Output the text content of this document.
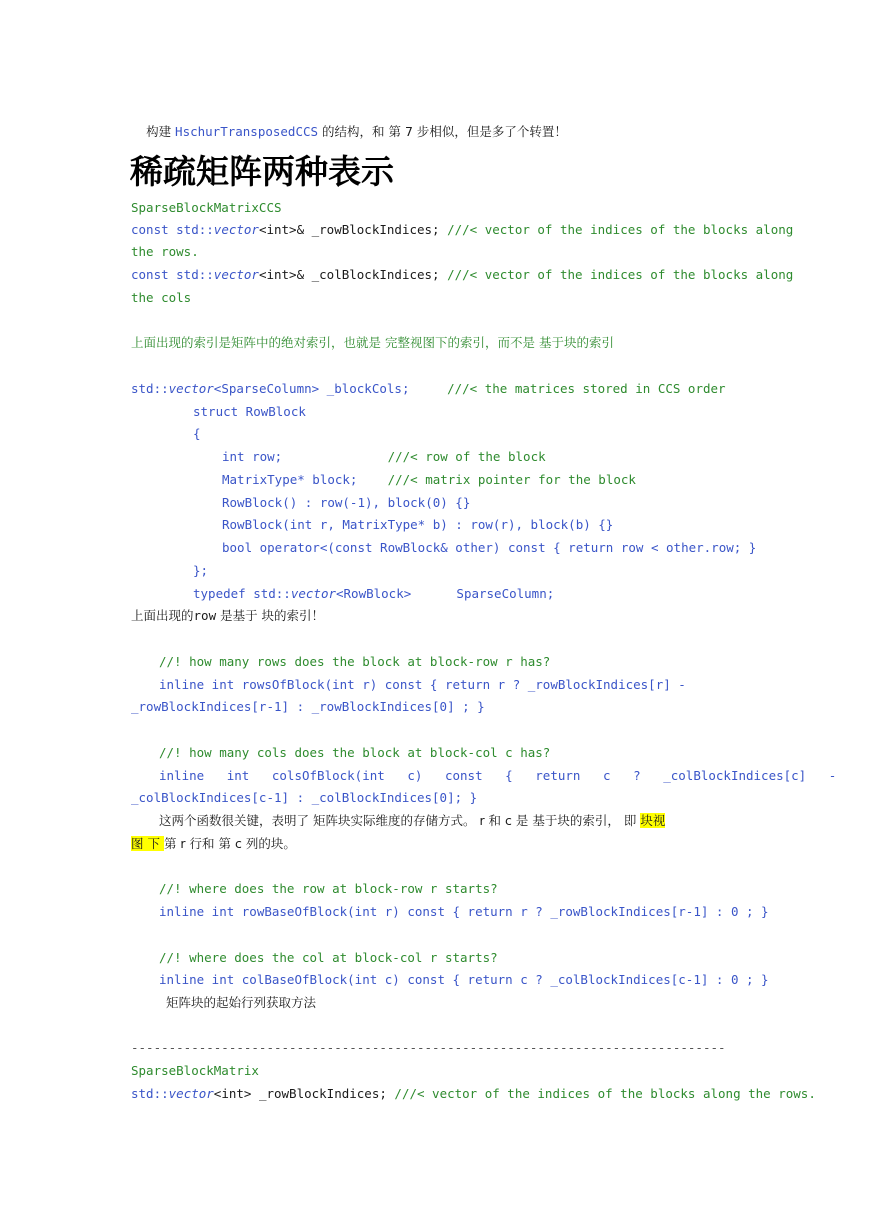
构建 HschurTransposedCCS 的结构，和 第 7 步相似，但是多了个转置！

稀疏矩阵两种表示
SparseBlockMatrixCCS
const std::vector<int>& _rowBlockIndices; ///< vector of the indices of the blocks along
the rows.
const std::vector<int>& _colBlockIndices; ///< vector of the indices of the blocks along
the cols
上面出现的索引是矩阵中的绝对索引，也就是 完整视图下的索引，而不是 基于块的索引
std::vector<SparseColumn> _blockCols;     ///< the matrices stored in CCS order
struct RowBlock
{
int row;              ///< row of the block
MatrixType* block;    ///< matrix pointer for the block
RowBlock() : row(-1), block(0) {}
RowBlock(int r, MatrixType* b) : row(r), block(b) {}
bool operator<(const RowBlock& other) const { return row < other.row; }
};
typedef std::vector<RowBlock>      SparseColumn;
上面出现的row 是基于 块的索引！
//! how many rows does the block at block-row r has?
inline int rowsOfBlock(int r) const { return r ? _rowBlockIndices[r] -
_rowBlockIndices[r-1] : _rowBlockIndices[0] ; }
//! how many cols does the block at block-col c has?
inline   int   colsOfBlock(int   c)   const   {   return   c   ?   _colBlockIndices[c]   -
_colBlockIndices[c-1] : _colBlockIndices[0]; }
这两个函数很关键，表明了 矩阵块实际维度的存储方式。 r 和 c 是 基于块的索引， 即 块视
图 下 第 r 行和 第 c 列的块。
//! where does the row at block-row r starts?
inline int rowBaseOfBlock(int r) const { return r ? _rowBlockIndices[r-1] : 0 ; }
//! where does the col at block-col r starts?
inline int colBaseOfBlock(int c) const { return c ? _colBlockIndices[c-1] : 0 ; }
矩阵块的起始行列获取方法
-------------------------------------------------------------------------------
SparseBlockMatrix
std::vector<int> _rowBlockIndices; ///< vector of the indices of the blocks along the rows.
